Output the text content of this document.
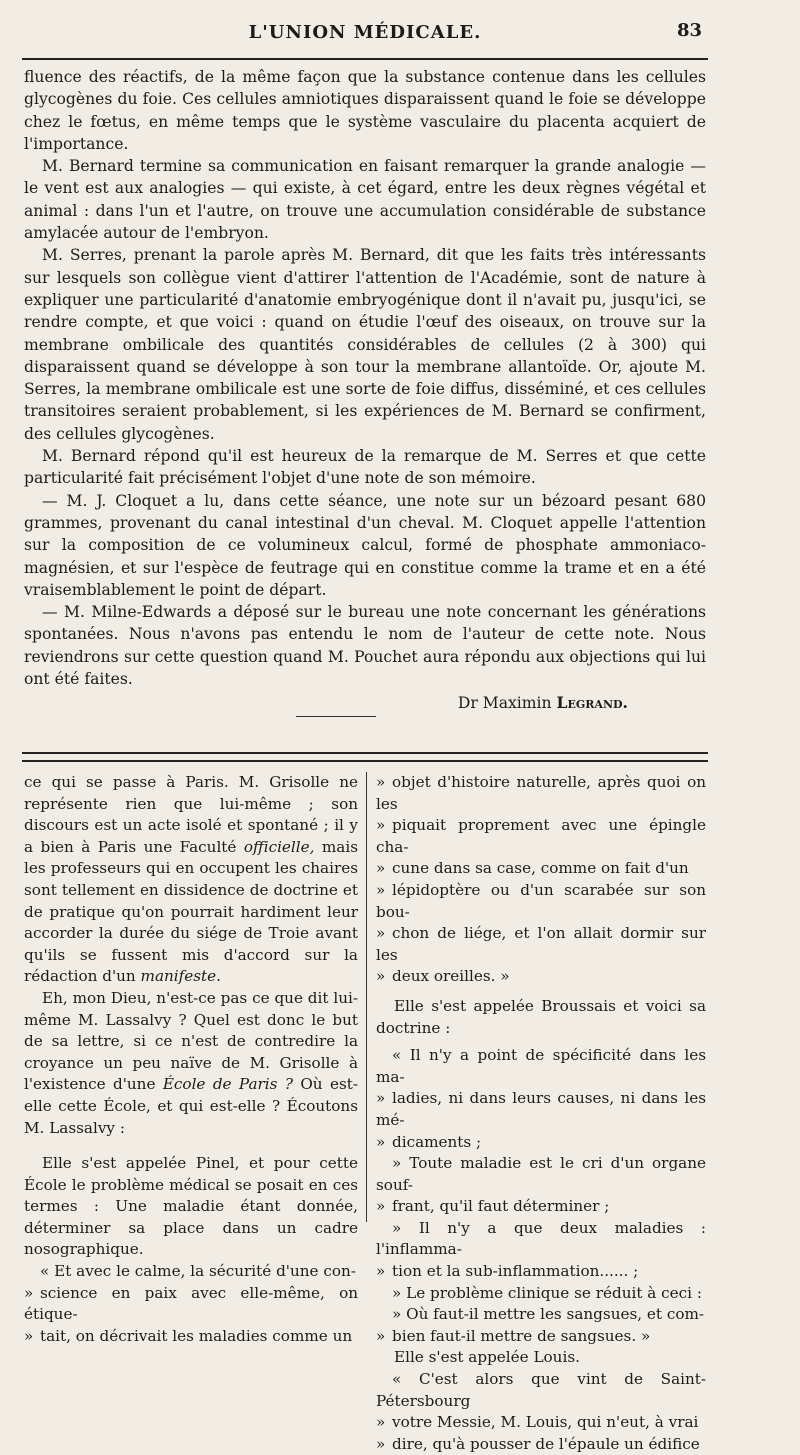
L'UNION MÉDICALE.	83

fluence des réactifs, de la même façon que la substance contenue dans les cellules glycogènes du foie. Ces cellules amniotiques disparaissent quand le foie se développe chez le fœtus, en même temps que le système vasculaire du placenta acquiert de l'importance.

M. Bernard termine sa communication en faisant remarquer la grande analogie — le vent est aux analogies — qui existe, à cet égard, entre les deux règnes végétal et animal : dans l'un et l'autre, on trouve une accumulation considérable de substance amylacée autour de l'embryon.

M. Serres, prenant la parole après M. Bernard, dit que les faits très intéressants sur lesquels son collègue vient d'attirer l'attention de l'Académie, sont de nature à expliquer une particularité d'anatomie embryogénique dont il n'avait pu, jusqu'ici, se rendre compte, et que voici : quand on étudie l'œuf des oiseaux, on trouve sur la membrane ombilicale des quantités considérables de cellules (2 à 300) qui disparaissent quand se développe à son tour la membrane allantoïde. Or, ajoute M. Serres, la membrane ombilicale est une sorte de foie diffus, disséminé, et ces cellules transitoires seraient probablement, si les expériences de M. Bernard se confirment, des cellules glycogènes.

M. Bernard répond qu'il est heureux de la remarque de M. Serres et que cette particularité fait précisément l'objet d'une note de son mémoire.

— M. J. Cloquet a lu, dans cette séance, une note sur un bézoard pesant 680 grammes, provenant du canal intestinal d'un cheval. M. Cloquet appelle l'attention sur la composition de ce volumineux calcul, formé de phosphate ammoniaco-magnésien, et sur l'espèce de feutrage qui en constitue comme la trame et en a été vraisemblablement le point de départ.

— M. Milne-Edwards a déposé sur le bureau une note concernant les générations spontanées. Nous n'avons pas entendu le nom de l'auteur de cette note. Nous reviendrons sur cette question quand M. Pouchet aura répondu aux objections qui lui ont été faites.

Dr Maximin Legrand.

ce qui se passe à Paris. M. Grisolle ne représente rien que lui-même ; son discours est un acte isolé et spontané ; il y a bien à Paris une Faculté officielle, mais les professeurs qui en occupent les chaires sont tellement en dissidence de doctrine et de pratique qu'on pourrait hardiment leur accorder la durée du siége de Troie avant qu'ils se fussent mis d'accord sur la rédaction d'un manifeste.

Eh, mon Dieu, n'est-ce pas ce que dit lui-même M. Lassalvy ? Quel est donc le but de sa lettre, si ce n'est de contredire la croyance un peu naïve de M. Grisolle à l'existence d'une École de Paris ? Où est-elle cette École, et qui est-elle ? Écoutons M. Lassalvy :

Elle s'est appelée Pinel, et pour cette École le problème médical se posait en ces termes : Une maladie étant donnée, déterminer sa place dans un cadre nosographique.

« Et avec le calme, la sécurité d'une con-

» science en paix avec elle-même, on étique-

» tait, on décrivait les maladies comme un

» objet d'histoire naturelle, après quoi on les

» piquait proprement avec une épingle cha-

» cune dans sa case, comme on fait d'un

» lépidoptère ou d'un scarabée sur son bou-

» chon de liége, et l'on allait dormir sur les

» deux oreilles. »

Elle s'est appelée Broussais et voici sa doctrine :

« Il n'y a point de spécificité dans les ma-

» ladies, ni dans leurs causes, ni dans les mé-

» dicaments ;

» Toute maladie est le cri d'un organe souf-

» frant, qu'il faut déterminer ;

» Il n'y a que deux maladies : l'inflamma-

» tion et la sub-inflammation...... ;

» Le problème clinique se réduit à ceci :

» Où faut-il mettre les sangsues, et com-

» bien faut-il mettre de sangsues. »

Elle s'est appelée Louis.

« C'est alors que vint de Saint-Pétersbourg

» votre Messie, M. Louis, qui n'eut, à vrai

» dire, qu'à pousser de l'épaule un édifice
